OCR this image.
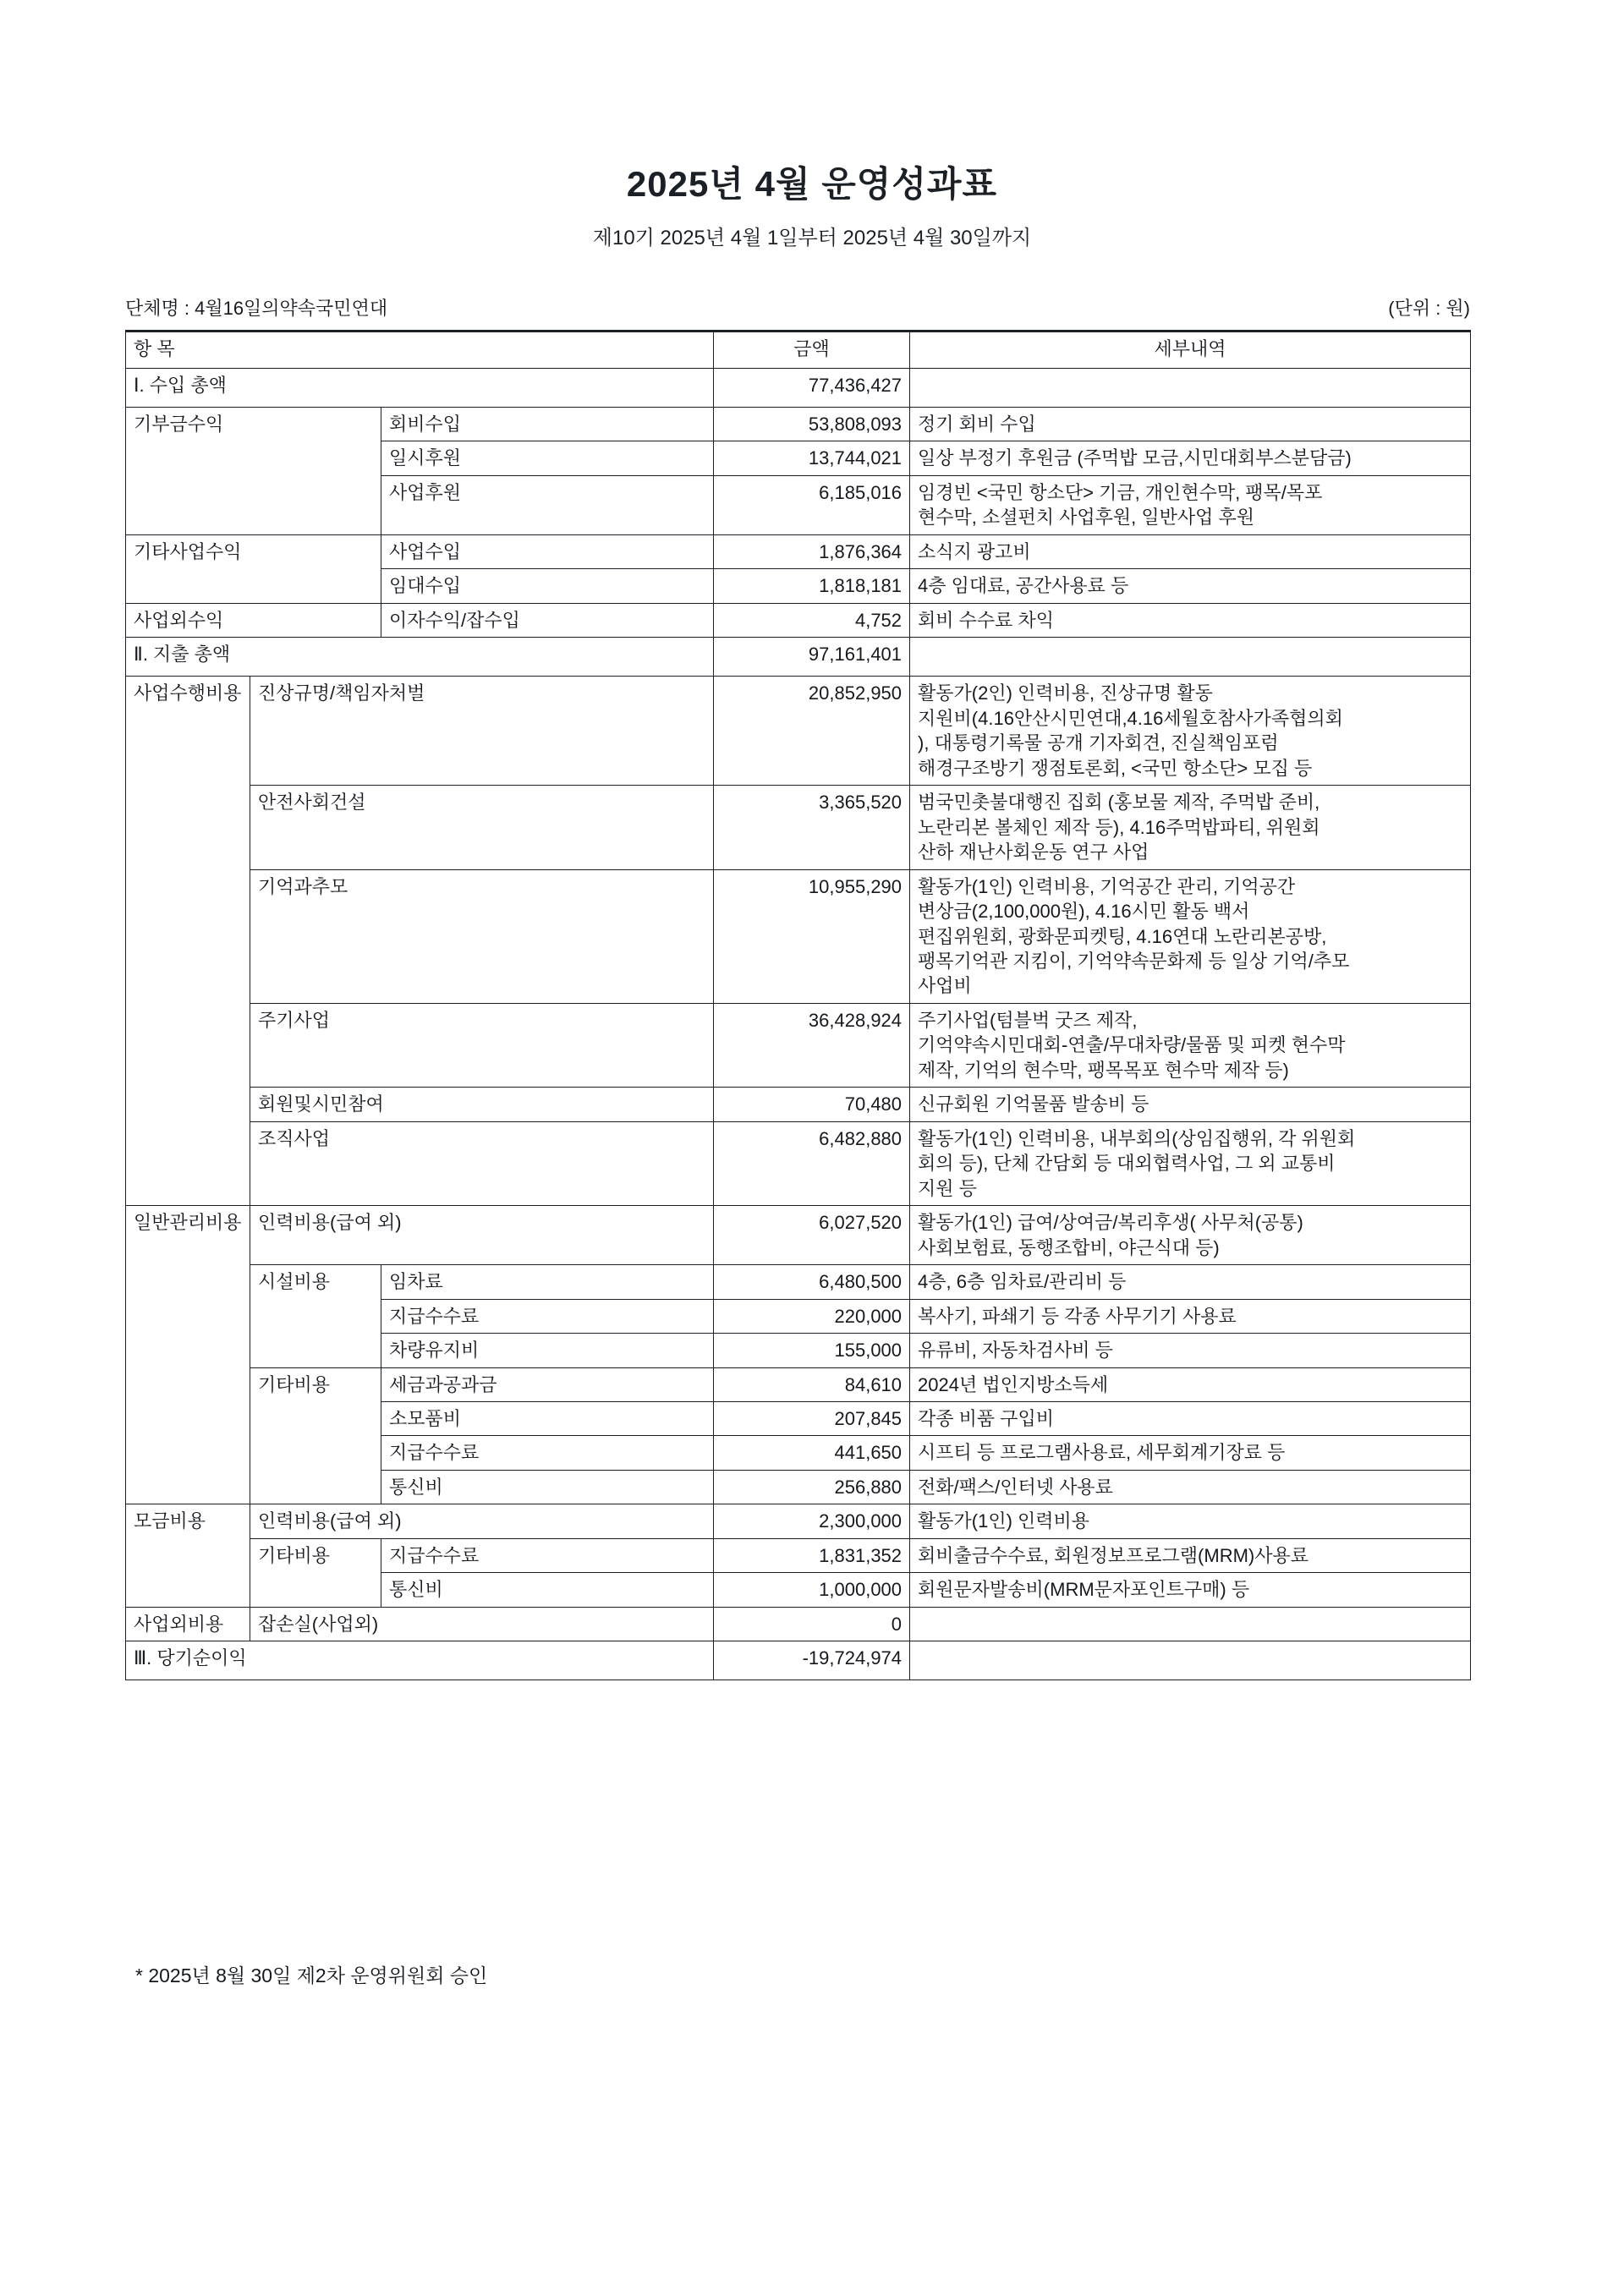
2025년 4월 운영성과표
제10기 2025년 4월 1일부터 2025년 4월 30일까지
단체명 : 4월16일의약속국민연대	(단위 : 원)
항 목			금액	세부내역
Ⅰ. 수입 총액			77,436,427	
기부금수익		회비수입	53,808,093	정기 회비 수입

		일시후원	13,744,021	일상 부정기 후원금 (주먹밥 모금,시민대회부스분담금)

		사업후원	6,185,016	임경빈 <국민 항소단> 기금, 개인현수막, 팽목/목포
현수막, 소셜펀치 사업후원, 일반사업 후원

기타사업수익		사업수입	1,876,364	소식지 광고비

		임대수입	1,818,181	4층 임대료, 공간사용료 등

사업외수익		이자수익/잡수입	4,752	회비 수수료 차익

Ⅱ. 지출 총액			97,161,401	
사업수행비용	진상규명/책임자처벌		20,852,950	활동가(2인) 인력비용, 진상규명 활동
지원비(4.16안산시민연대,4.16세월호참사가족협의회
), 대통령기록물 공개 기자회견, 진실책임포럼
해경구조방기 쟁점토론회, <국민 항소단> 모집 등

	안전사회건설		3,365,520	범국민촛불대행진 집회 (홍보물 제작, 주먹밥 준비,
노란리본 볼체인 제작 등), 4.16주먹밥파티, 위원회
산하 재난사회운동 연구 사업

	기억과추모		10,955,290	활동가(1인) 인력비용, 기억공간 관리, 기억공간
변상금(2,100,000원), 4.16시민 활동 백서
편집위원회, 광화문피켓팅, 4.16연대 노란리본공방,
팽목기억관 지킴이, 기억약속문화제 등 일상 기억/추모
사업비

	주기사업		36,428,924	주기사업(텀블벅 굿즈 제작,
기억약속시민대회-연출/무대차량/물품 및 피켓 현수막
제작, 기억의 현수막, 팽목목포 현수막 제작 등)

	회원및시민참여		70,480	신규회원 기억물품 발송비 등

	조직사업		6,482,880	활동가(1인) 인력비용, 내부회의(상임집행위, 각 위원회
회의 등), 단체 간담회 등 대외협력사업, 그 외 교통비
지원 등

일반관리비용	인력비용(급여 외)		6,027,520	활동가(1인) 급여/상여금/복리후생( 사무처(공통)
사회보험료, 동행조합비, 야근식대 등)

	시설비용	임차료	6,480,500	4층, 6층 임차료/관리비 등

		지급수수료	220,000	복사기, 파쇄기 등 각종 사무기기 사용료

		차량유지비	155,000	유류비, 자동차검사비 등

	기타비용	세금과공과금	84,610	2024년 법인지방소득세

		소모품비	207,845	각종 비품 구입비

		지급수수료	441,650	시프티 등 프로그램사용료, 세무회계기장료 등

		통신비	256,880	전화/팩스/인터넷 사용료

모금비용	인력비용(급여 외)		2,300,000	활동가(1인) 인력비용

	기타비용	지급수수료	1,831,352	회비출금수수료, 회원정보프로그램(MRM)사용료

		통신비	1,000,000	회원문자발송비(MRM문자포인트구매) 등

사업외비용	잡손실(사업외)		0	
Ⅲ. 당기순이익			-19,724,974	
* 2025년 8월 30일 제2차 운영위원회 승인
